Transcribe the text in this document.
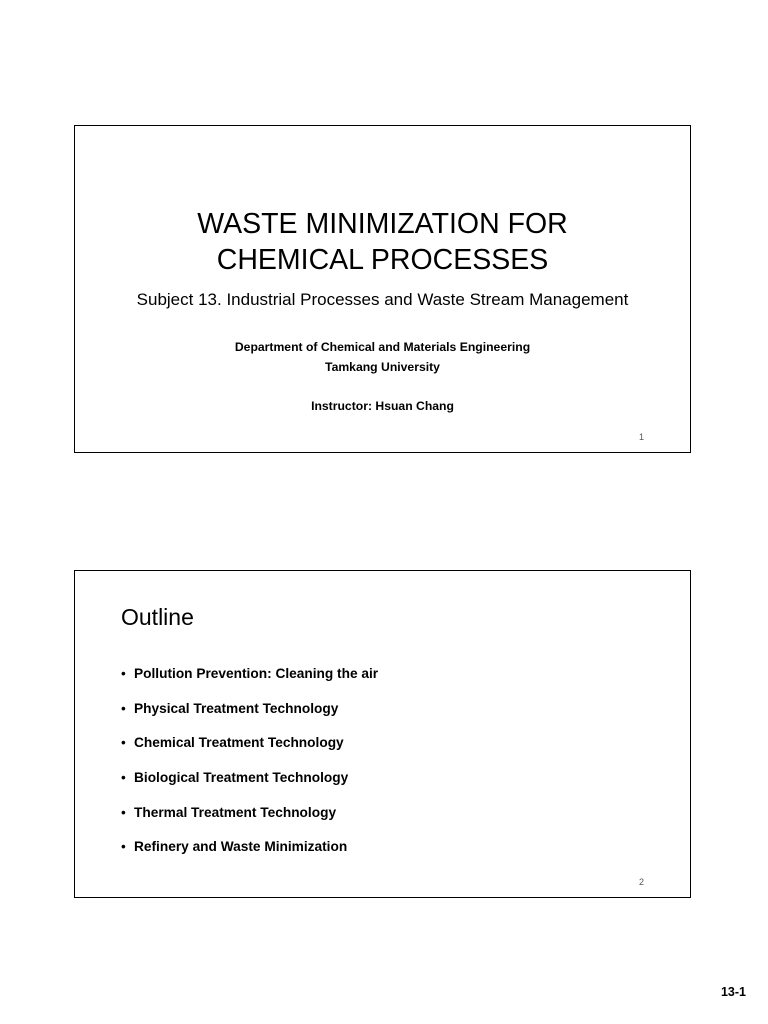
WASTE MINIMIZATION FOR
CHEMICAL PROCESSES
Subject 13. Industrial Processes and Waste Stream Management
Department of Chemical and Materials Engineering
Tamkang University
Instructor: Hsuan Chang
1
Outline
• Pollution Prevention: Cleaning the air
• Physical Treatment Technology
• Chemical Treatment Technology
• Biological Treatment Technology
• Thermal Treatment Technology
• Refinery and Waste Minimization
2
13-1
